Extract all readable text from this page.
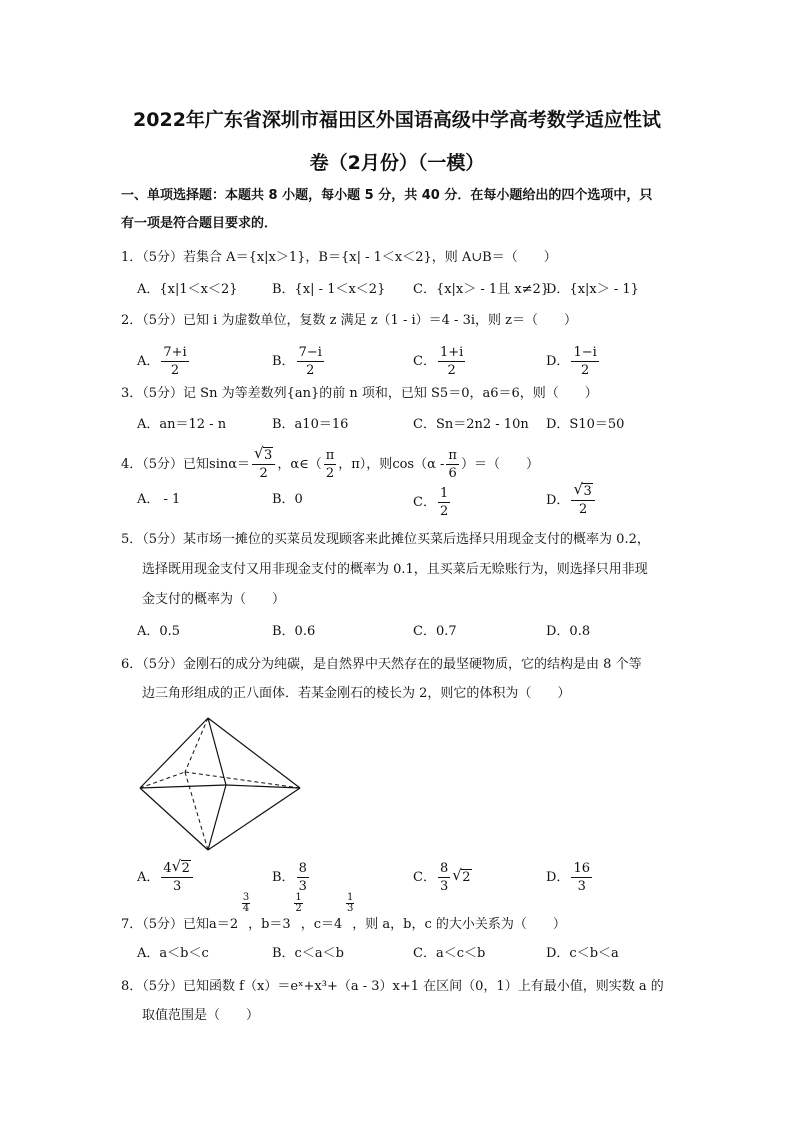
2022年广东省深圳市福田区外国语高级中学高考数学适应性试
卷（2月份）（一模）
一、单项选择题：本题共 8 小题，每小题 5 分，共 40 分．在每小题给出的四个选项中，只
有一项是符合题目要求的．
1．（5分）若集合 A＝{x|x＞1}，B＝{x| - 1＜x＜2}，则 A∪B＝（　　）
A．{x|1＜x＜2}	B．{x| - 1＜x＜2} C．{x|x＞ - 1且 x≠2}
D．{x|x＞ - 1}
2．（5分）已知 i 为虚数单位，复数 z 满足 z（1 - i）＝4 - 3i，则 z＝（　　）
A． $\frac{7+i}{2}$	B． $\frac{7-i}{2}$	C． $\frac{1+i}{2}$	D． $\frac{1-i}{2}$
3．（5分）记 Sn 为等差数列{an}的前 n 项和，已知 S5＝0，a6＝6，则（　　）
A．an＝12 - n	B．a10＝16	C．Sn＝2n2 - 10n D．S10＝50
4．（5分）已知sinα＝ √ $\frac{3}{2}$ ，α∈（ $\frac{\pi}{2}$ ，π），则$\cos(\alpha - \frac{\pi}{6}$ ）＝（　　）
A． - 1	B．0	C． $\frac{1}{2}$	D． √ $\frac{3}{2}$
5．（5分）某市场一摊位的买菜员发现顾客来此摊位买菜后选择只用现金支付的概率为 0.2，
选择既用现金支付又用非现金支付的概率为 0.1，且买菜后无赊账行为，则选择只用非现
金支付的概率为（　　）
A．0.5	B．0.6	C．0.7	D．0.8
6．（5分）金刚石的成分为纯碳，是自然界中天然存在的最坚硬物质，它的结构是由 8 个等
边三角形组成的正八面体．若某金刚石的棱长为 2，则它的体积为（　　）
A． $\frac{4 √ 2}{3}$	B． $\frac{8}{3}$	C． $\frac{8}{3}$ √ 2	D． $\frac{16}{3}$
7．（5分）已知a＝2
$\frac{3}{4}$
，b＝3
$\frac{1}{2}$
，c＝4
$\frac{1}{3}$
，则 a，b，c 的大小关系为（　　）
A．a＜b＜c	B．c＜a＜b	C．a＜c＜b	D．c＜b＜a
8．（5分）已知函数 f（x）＝eˣ+x³+（a - 3）x+1 在区间（0，1）上有最小值，则实数 a 的
取值范围是（　　）
